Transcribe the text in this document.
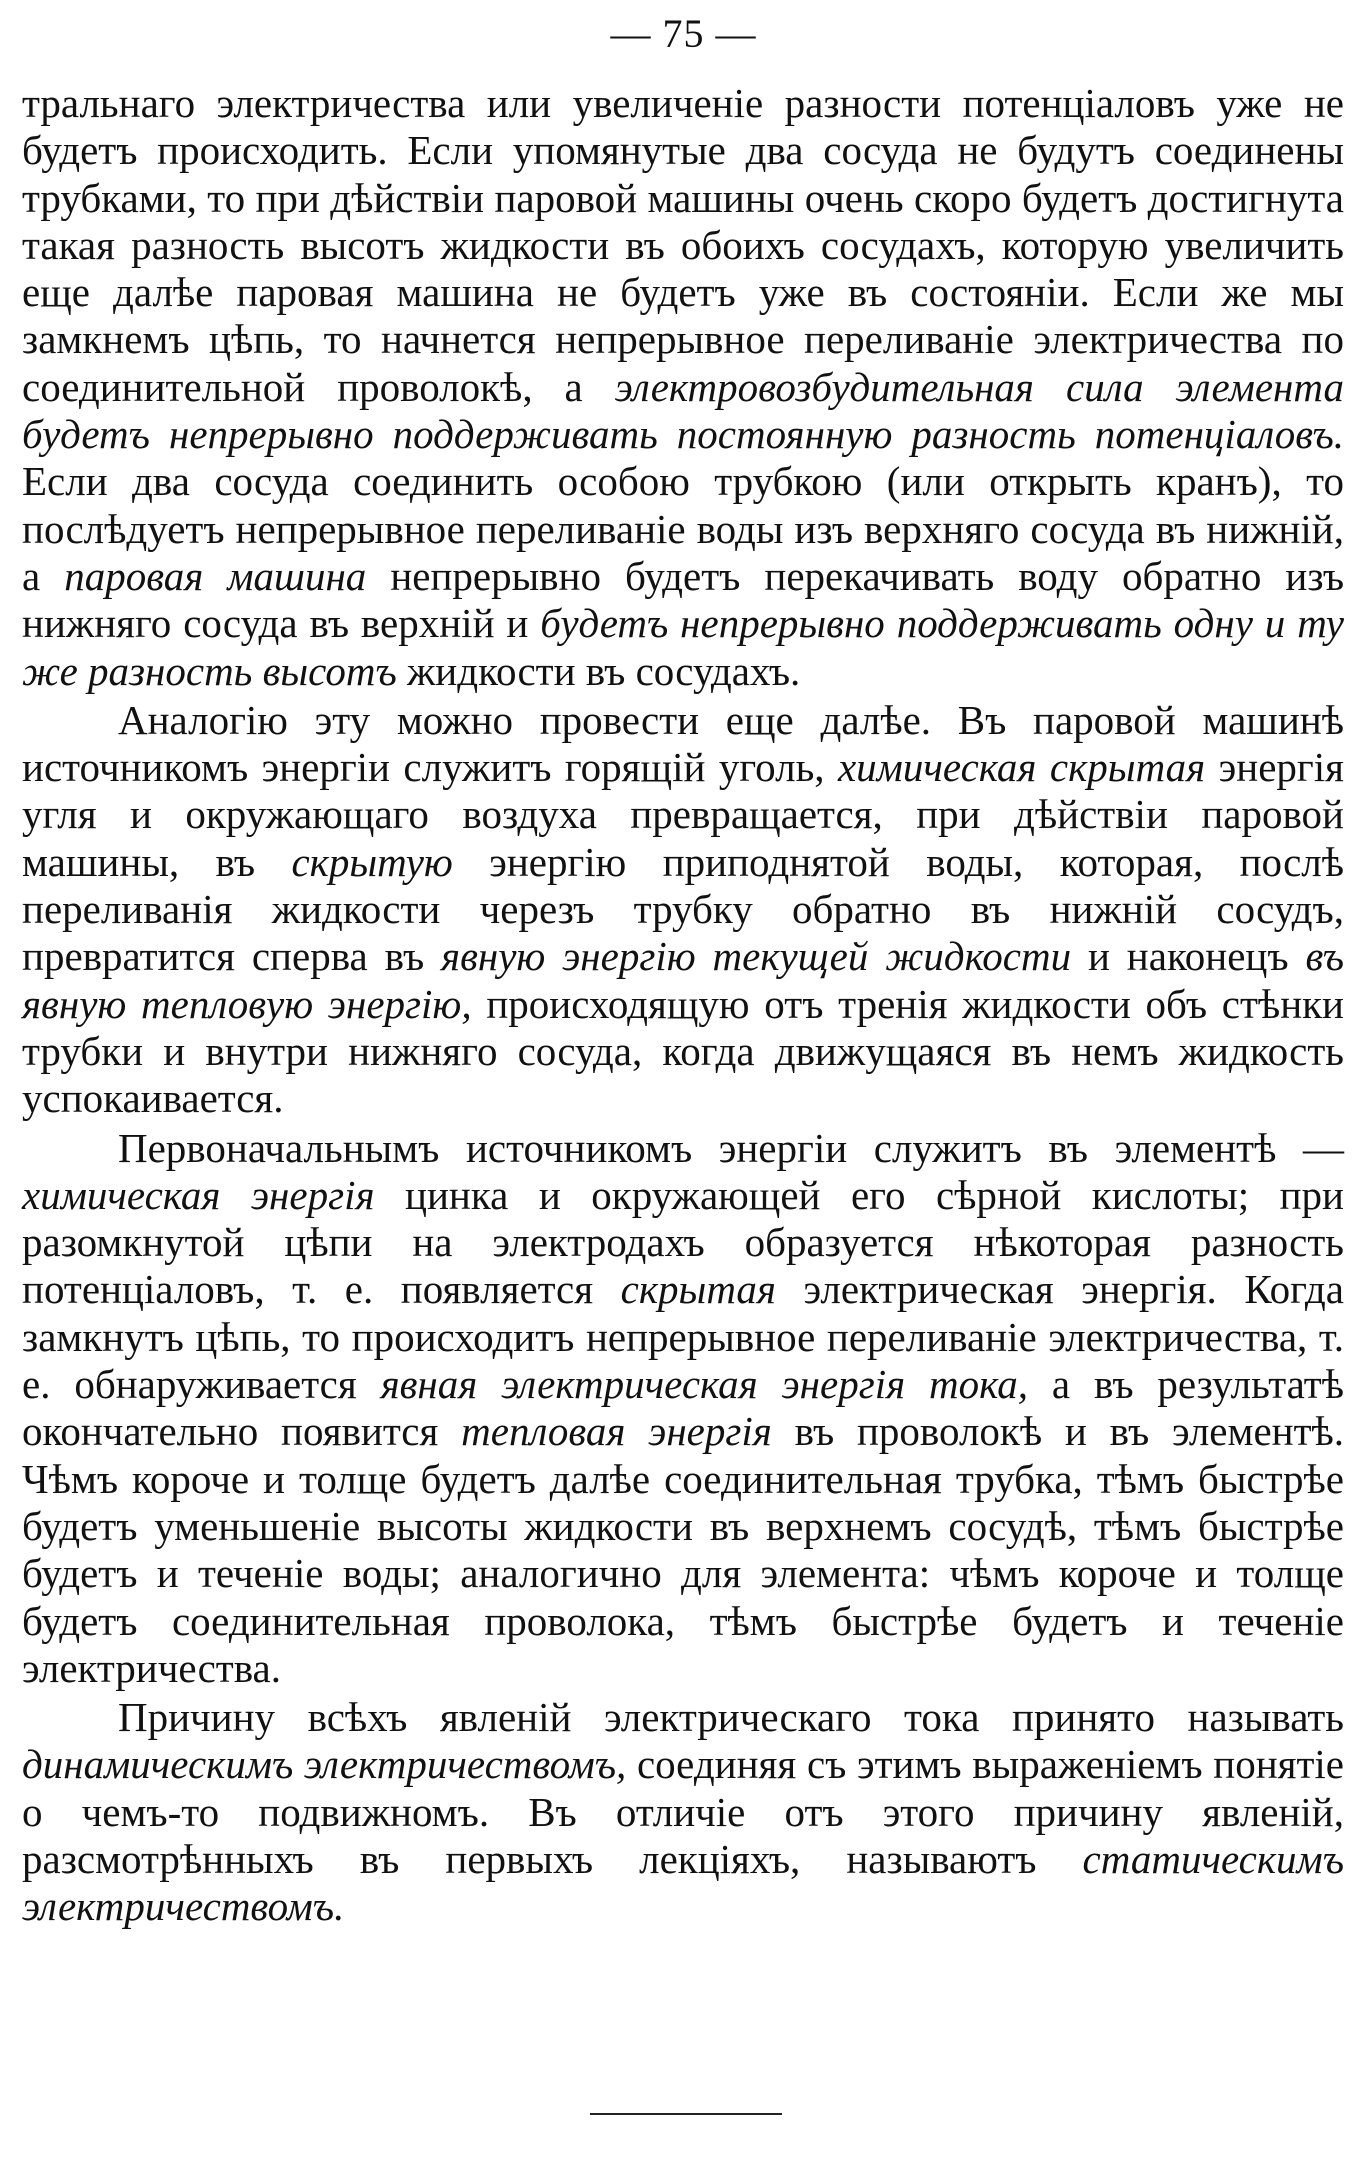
— 75 —

тральнаго электричества или увеличеніе разности потенціаловъ уже не будетъ происходить. Если упомянутые два сосуда не будутъ соединены трубками, то при дѣйствіи паровой машины очень скоро будетъ достигнута такая разность высотъ жидкости въ обоихъ сосудахъ, которую увеличить еще далѣе паровая машина не будетъ уже въ состояніи. Если же мы замкнемъ цѣпь, то начнется непрерывное переливаніе электричества по соединительной проволокѣ, а электровозбудительная сила элемента будетъ непрерывно поддерживать постоянную разность потенціаловъ. Если два сосуда соединить особою трубкою (или открыть кранъ), то послѣдуетъ непрерывное переливаніе воды изъ верхняго сосуда въ нижній, а паровая машина непрерывно будетъ перекачивать воду обратно изъ нижняго сосуда въ верхній и будетъ непрерывно поддерживать одну и ту же разность высотъ жидкости въ сосудахъ.

Аналогію эту можно провести еще далѣе. Въ паровой машинѣ источникомъ энергіи служитъ горящій уголь, химическая скрытая энергія угля и окружающаго воздуха превращается, при дѣйствіи паровой машины, въ скрытую энергію приподнятой воды, которая, послѣ переливанія жидкости черезъ трубку обратно въ нижній сосудъ, превратится сперва въ явную энергію текущей жидкости и наконецъ въ явную тепловую энергію, происходящую отъ тренія жидкости объ стѣнки трубки и внутри нижняго сосуда, когда движущаяся въ немъ жидкость успокаивается.

Первоначальнымъ источникомъ энергіи служитъ въ элементѣ — химическая энергія цинка и окружающей его сѣрной кислоты; при разомкнутой цѣпи на электродахъ образуется нѣкоторая разность потенціаловъ, т. е. появляется скрытая электрическая энергія. Когда замкнутъ цѣпь, то происходитъ непрерывное переливаніе электричества, т. е. обнаруживается явная электрическая энергія тока, а въ результатѣ окончательно появится тепловая энергія въ проволокѣ и въ элементѣ. Чѣмъ короче и толще будетъ далѣе соединительная трубка, тѣмъ быстрѣе будетъ уменьшеніе высоты жидкости въ верхнемъ сосудѣ, тѣмъ быстрѣе будетъ и теченіе воды; аналогично для элемента: чѣмъ короче и толще будетъ соединительная проволока, тѣмъ быстрѣе будетъ и теченіе электричества.

Причину всѣхъ явленій электрическаго тока принято называть динамическимъ электричествомъ, соединяя съ этимъ выраженіемъ понятіе о чемъ-то подвижномъ. Въ отличіе отъ этого причину явленій, разсмотрѣнныхъ въ первыхъ лекціяхъ, называютъ статическимъ электричествомъ.
